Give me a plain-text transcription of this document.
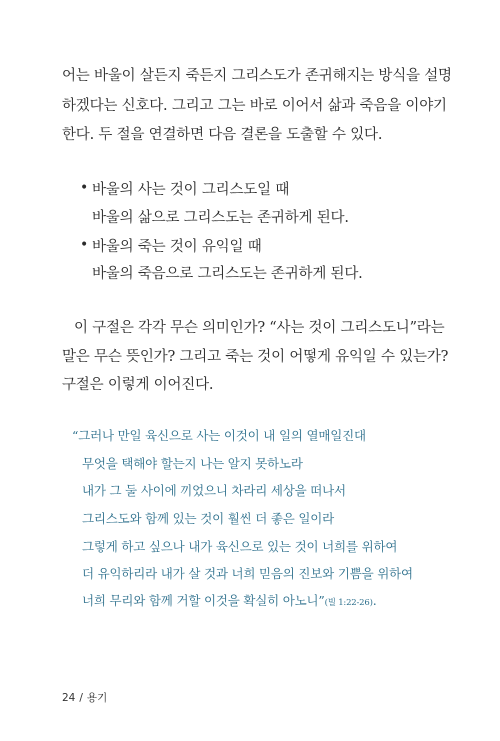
어는 바울이 살든지 죽든지 그리스도가 존귀해지는 방식을 설명
하겠다는 신호다. 그리고 그는 바로 이어서 삶과 죽음을 이야기
한다. 두 절을 연결하면 다음 결론을 도출할 수 있다.
• 바울의 사는 것이 그리스도일 때
바울의 삶으로 그리스도는 존귀하게 된다.
• 바울의 죽는 것이 유익일 때
바울의 죽음으로 그리스도는 존귀하게 된다.
이 구절은 각각 무슨 의미인가? “사는 것이 그리스도니”라는
말은 무슨 뜻인가? 그리고 죽는 것이 어떻게 유익일 수 있는가?
구절은 이렇게 이어진다.
“그러나 만일 육신으로 사는 이것이 내 일의 열매일진대
무엇을 택해야 할는지 나는 알지 못하노라
내가 그 둘 사이에 끼었으니 차라리 세상을 떠나서
그리스도와 함께 있는 것이 훨씬 더 좋은 일이라
그렇게 하고 싶으나 내가 육신으로 있는 것이 너희를 위하여
더 유익하리라 내가 살 것과 너희 믿음의 진보와 기쁨을 위하여
너희 무리와 함께 거할 이것을 확실히 아노니”(빌 1:22-26).
24 / 용기
